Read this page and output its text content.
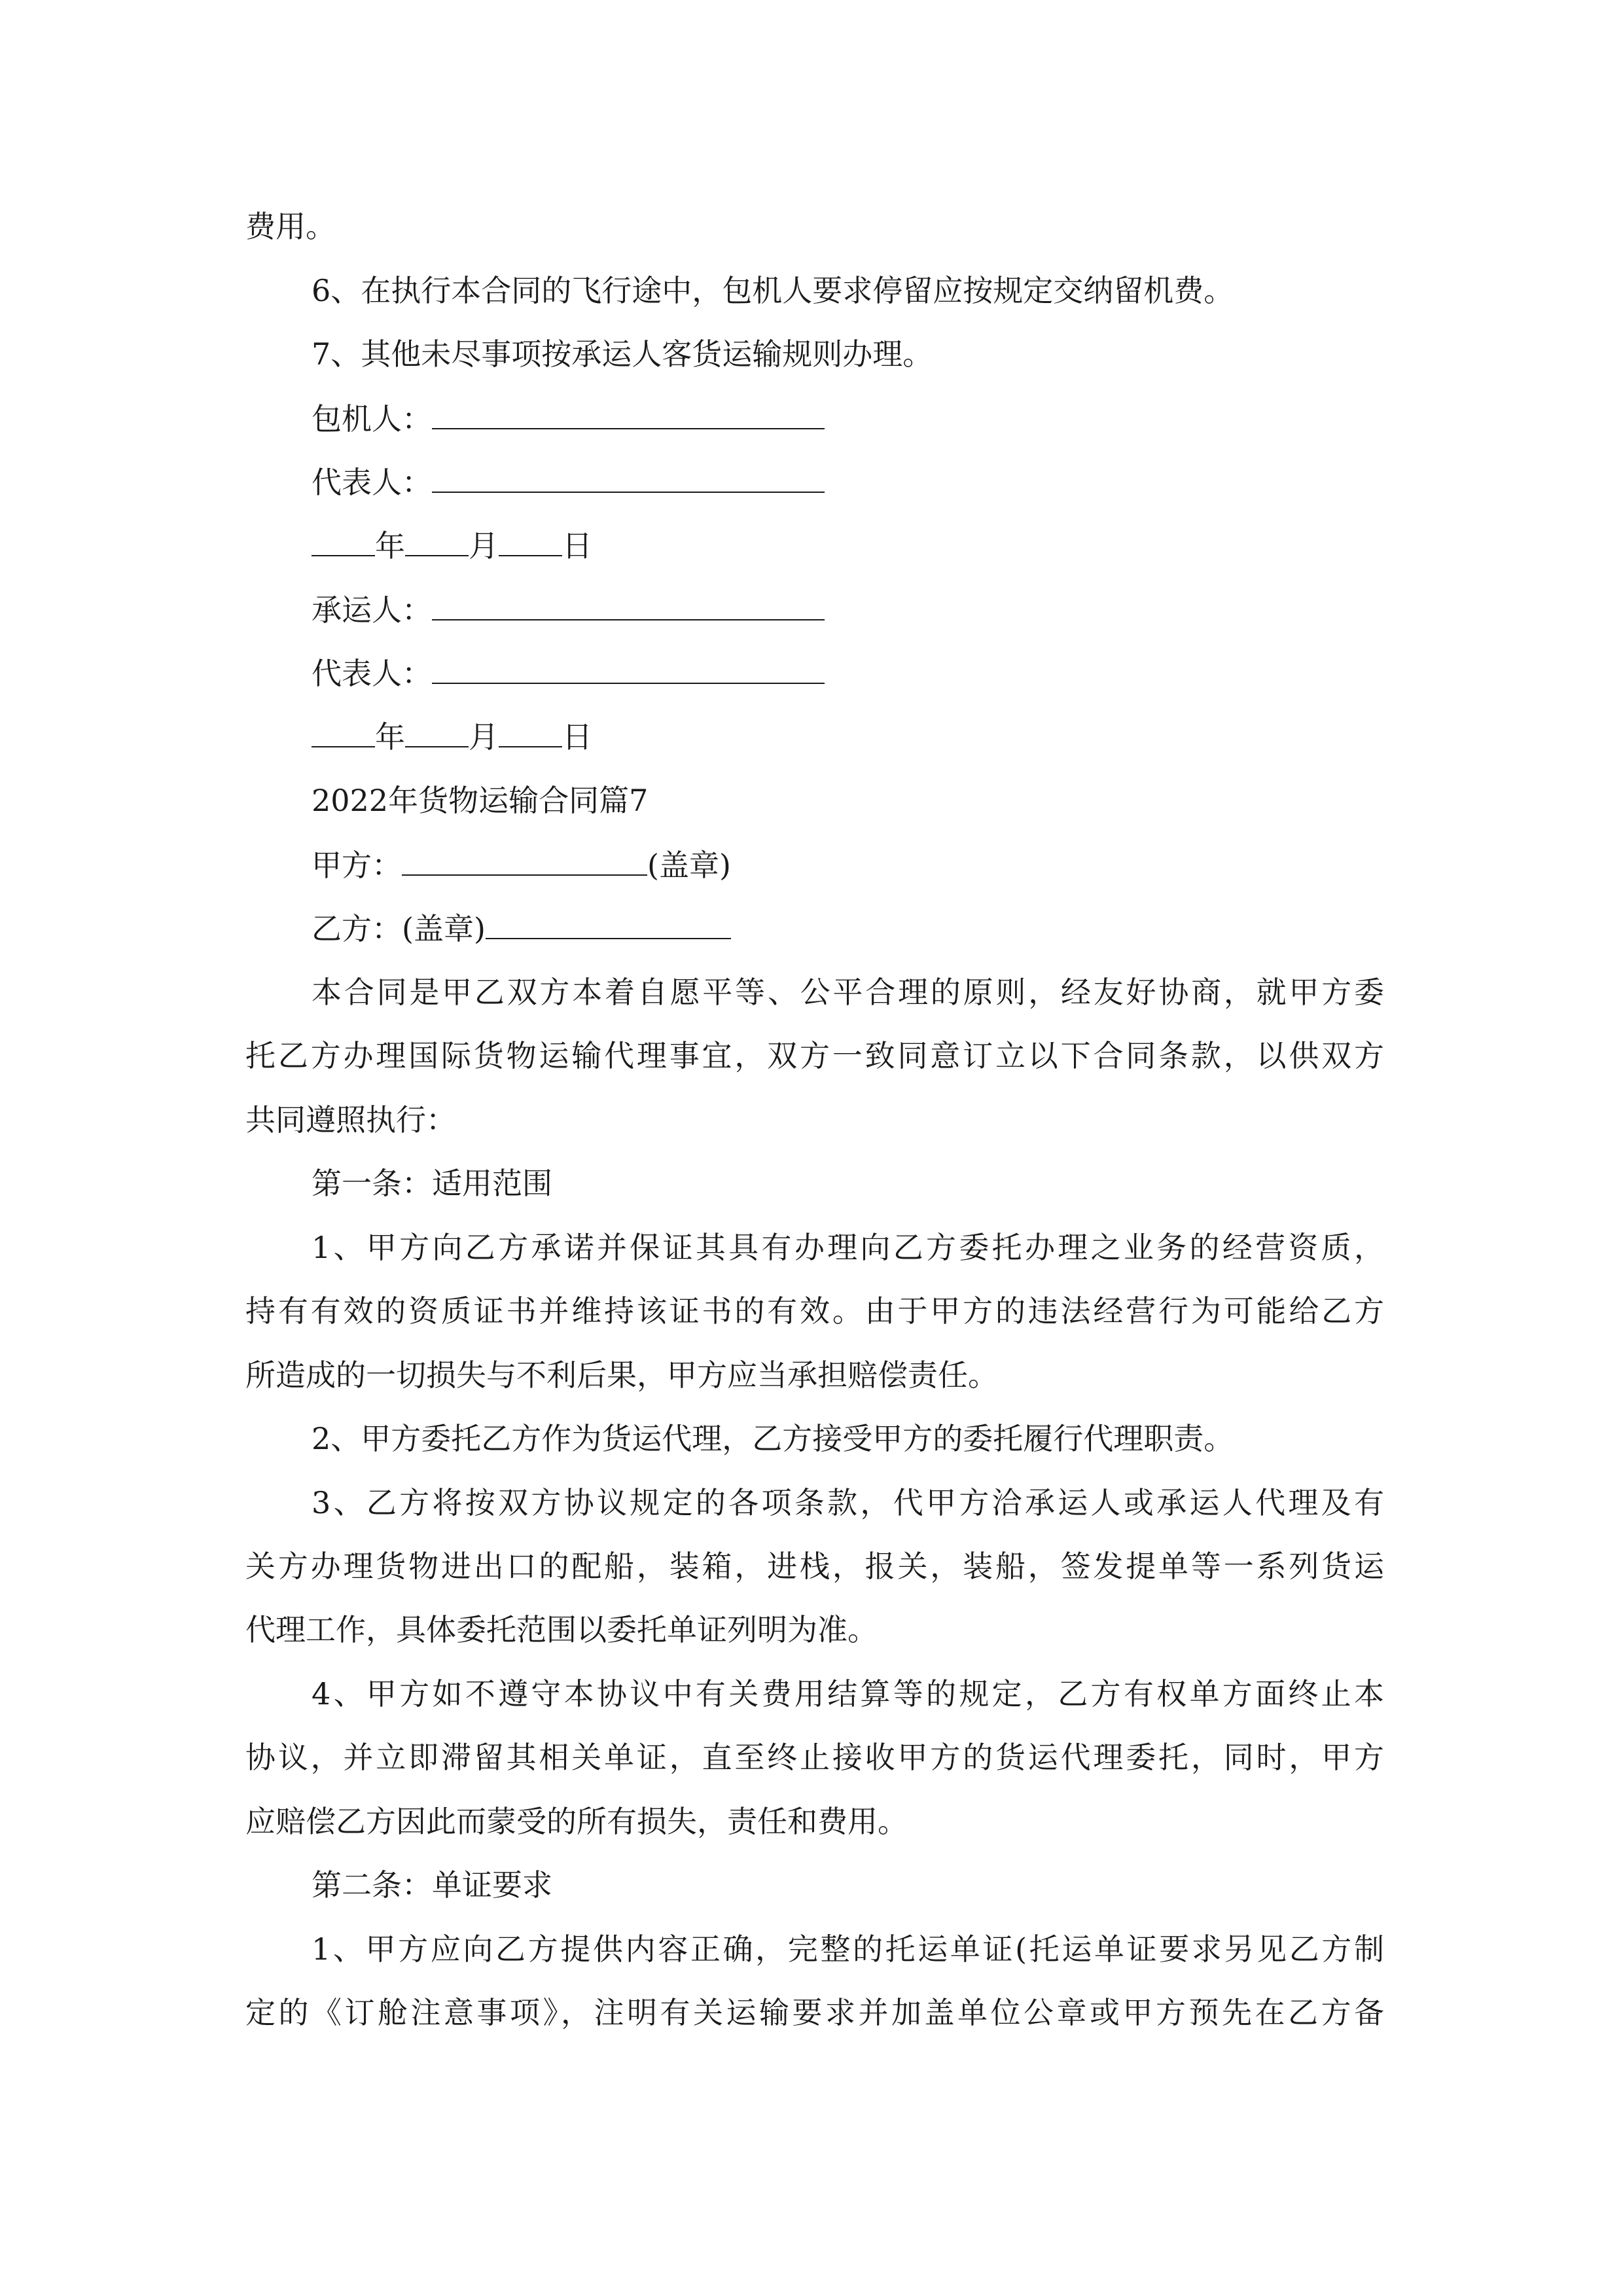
费用。
6、在执行本合同的飞行途中，包机人要求停留应按规定交纳留机费。
7、其他未尽事项按承运人客货运输规则办理。
包机人：
代表人：
年 月 日
承运人：
代表人：
年 月 日
2022年货物运输合同篇7
甲方：	(盖章)
乙方：(盖章)
本合同是甲乙双方本着自愿平等、公平合理的原则，经友好协商，就甲方委
托乙方办理国际货物运输代理事宜，双方一致同意订立以下合同条款，以供双方
共同遵照执行：
第一条：适用范围
1、甲方向乙方承诺并保证其具有办理向乙方委托办理之业务的经营资质，
持有有效的资质证书并维持该证书的有效。由于甲方的违法经营行为可能给乙方
所造成的一切损失与不利后果，甲方应当承担赔偿责任。
2、甲方委托乙方作为货运代理，乙方接受甲方的委托履行代理职责。
3、乙方将按双方协议规定的各项条款，代甲方洽承运人或承运人代理及有
关方办理货物进出口的配船，装箱，进栈，报关，装船，签发提单等一系列货运
代理工作，具体委托范围以委托单证列明为准。
4、甲方如不遵守本协议中有关费用结算等的规定，乙方有权单方面终止本
协议，并立即滞留其相关单证，直至终止接收甲方的货运代理委托，同时，甲方
应赔偿乙方因此而蒙受的所有损失，责任和费用。
第二条：单证要求
1、甲方应向乙方提供内容正确，完整的托运单证(托运单证要求另见乙方制
定的《订舱注意事项》，注明有关运输要求并加盖单位公章或甲方预先在乙方备
